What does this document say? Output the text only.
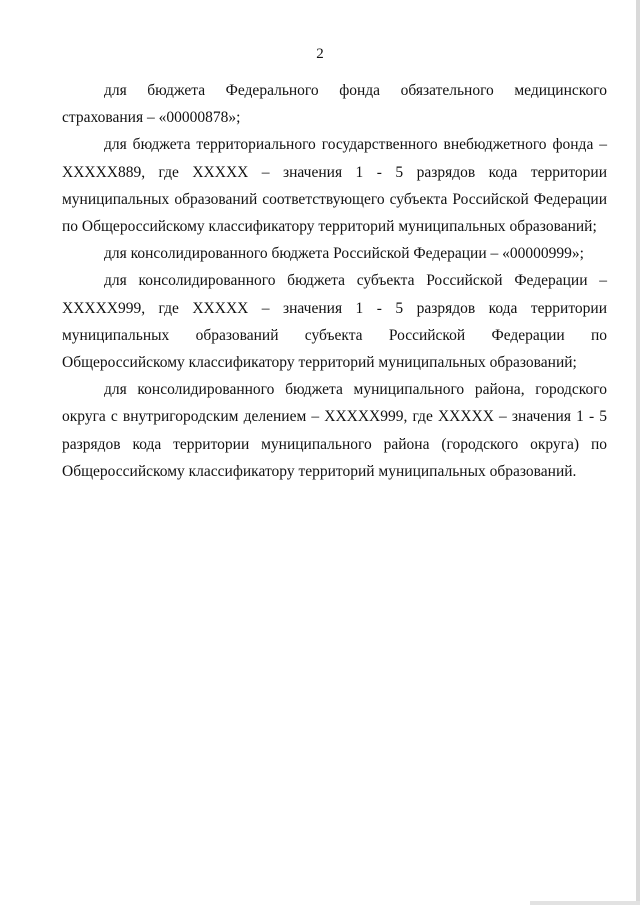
2

для бюджета Федерального фонда обязательного медицинского страхования – «00000878»;

для бюджета территориального государственного внебюджетного фонда – XXXXX889, где XXXXX – значения 1 - 5 разрядов кода территории муниципальных образований соответствующего субъекта Российской Федерации по Общероссийскому классификатору территорий муниципальных образований;

для консолидированного бюджета Российской Федерации – «00000999»;

для консолидированного бюджета субъекта Российской Федерации – XXXXX999, где XXXXX – значения 1 - 5 разрядов кода территории муниципальных образований субъекта Российской Федерации по Общероссийскому классификатору территорий муниципальных образований;

для консолидированного бюджета муниципального района, городского округа с внутригородским делением – XXXXX999, где XXXXX – значения 1 - 5 разрядов кода территории муниципального района (городского округа) по Общероссийскому классификатору территорий муниципальных образований.
